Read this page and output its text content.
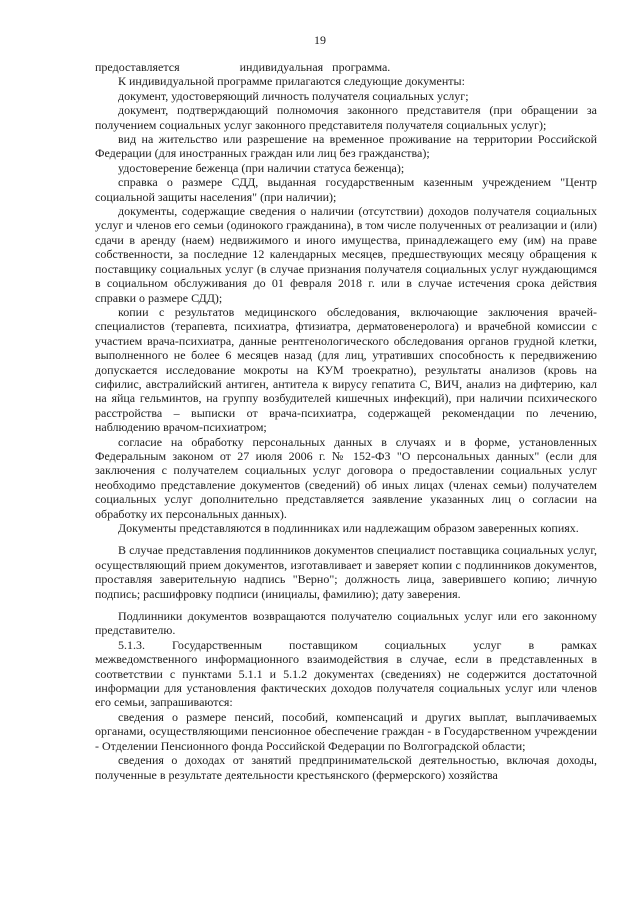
19

предоставляется                    индивидуальная   программа.

К индивидуальной программе прилагаются следующие документы:

документ, удостоверяющий личность получателя социальных услуг;

документ, подтверждающий полномочия законного представителя (при обращении за получением социальных услуг законного представителя получателя социальных услуг);

вид на жительство или разрешение на временное проживание на территории Российской Федерации (для иностранных граждан или лиц без гражданства);

удостоверение беженца (при наличии статуса беженца);

справка о размере СДД, выданная государственным казенным учреждением "Центр социальной защиты населения" (при наличии);

документы, содержащие сведения о наличии (отсутствии) доходов получателя социальных услуг и членов его семьи (одинокого гражданина), в том числе полученных от реализации и (или) сдачи в аренду (наем) недвижимого и иного имущества, принадлежащего ему (им) на праве собственности, за последние 12 календарных месяцев, предшествующих месяцу обращения к поставщику социальных услуг (в случае признания получателя социальных услуг нуждающимся в социальном обслуживания до 01 февраля 2018 г. или в случае истечения срока действия справки о размере СДД);

копии с результатов медицинского обследования, включающие заключения врачей-специалистов (терапевта, психиатра, фтизиатра, дерматовенеролога) и врачебной комиссии с участием врача-психиатра, данные рентгенологического обследования органов грудной клетки, выполненного не более 6 месяцев назад (для лиц, утративших способность к передвижению допускается исследование мокроты на КУМ троекратно), результаты анализов (кровь на сифилис, австралийский антиген, антитела к вирусу гепатита С, ВИЧ, анализ на дифтерию, кал на яйца гельминтов, на группу возбудителей кишечных инфекций), при наличии психического расстройства – выписки от врача-психиатра, содержащей рекомендации по лечению, наблюдению врачом-психиатром;

согласие на обработку персональных данных в случаях и в форме, установленных Федеральным законом от 27 июля 2006 г. № 152-ФЗ "О персональных данных" (если для заключения с получателем социальных услуг договора о предоставлении социальных услуг необходимо представление документов (сведений) об иных лицах (членах семьи) получателем социальных услуг дополнительно представляется заявление указанных лиц о согласии на обработку их персональных данных).

Документы представляются в подлинниках или надлежащим образом заверенных копиях.

В случае представления подлинников документов специалист поставщика социальных услуг, осуществляющий прием документов, изготавливает и заверяет копии с подлинников документов, проставляя заверительную надпись "Верно"; должность лица, заверившего копию; личную подпись; расшифровку подписи (инициалы, фамилию); дату заверения.

Подлинники документов возвращаются получателю социальных услуг или его законному представителю.

5.1.3.    Государственным    поставщиком    социальных    услуг    в    рамках межведомственного информационного взаимодействия в случае, если в представленных в соответствии с пунктами 5.1.1 и 5.1.2 документах (сведениях) не содержится достаточной информации для установления фактических доходов получателя социальных услуг или членов его семьи, запрашиваются:

сведения о размере пенсий, пособий, компенсаций и других выплат, выплачиваемых органами, осуществляющими пенсионное обеспечение граждан - в Государственном учреждении - Отделении Пенсионного фонда Российской Федерации по Волгоградской области;

сведения о доходах от занятий предпринимательской деятельностью, включая доходы, полученные в результате деятельности крестьянского (фермерского) хозяйства
